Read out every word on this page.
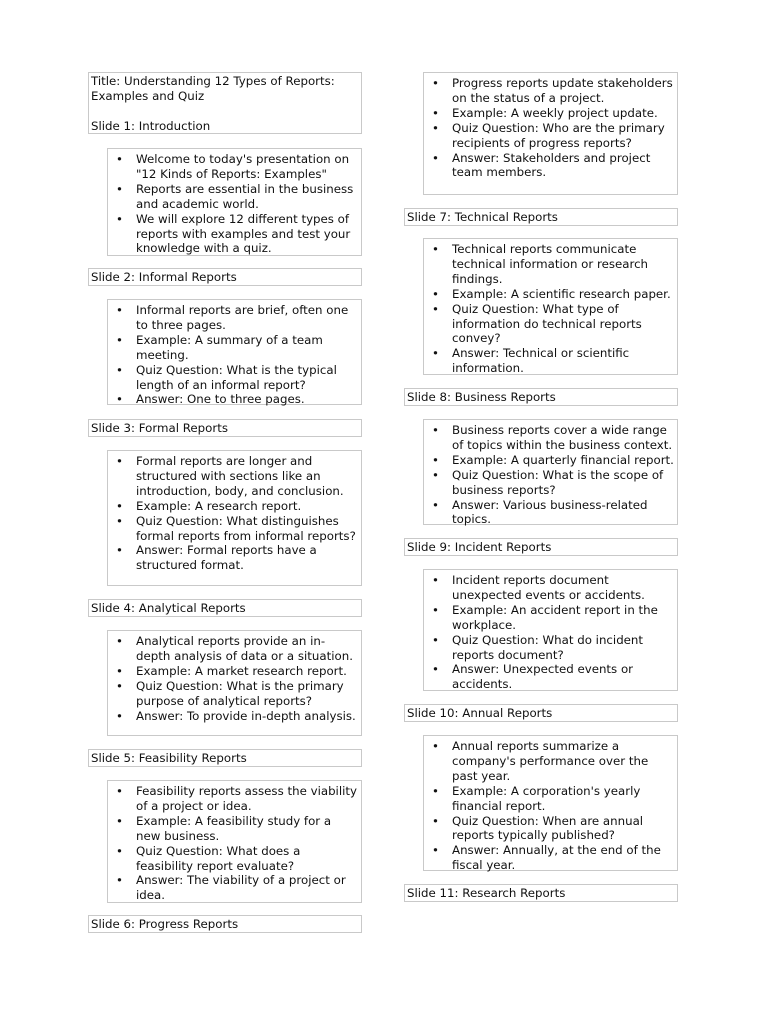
Title: Understanding 12 Types of Reports: Examples and Quiz

Slide 1: Introduction

• Welcome to today's presentation on "12 Kinds of Reports: Examples"
• Reports are essential in the business and academic world.
• We will explore 12 different types of reports with examples and test your knowledge with a quiz.
Slide 2: Informal Reports
• Informal reports are brief, often one to three pages.
• Example: A summary of a team meeting.
• Quiz Question: What is the typical length of an informal report?
• Answer: One to three pages.
Slide 3: Formal Reports
• Formal reports are longer and structured with sections like an introduction, body, and conclusion.
• Example: A research report.
• Quiz Question: What distinguishes formal reports from informal reports?
• Answer: Formal reports have a structured format.
Slide 4: Analytical Reports
• Analytical reports provide an in-depth analysis of data or a situation.
• Example: A market research report.
• Quiz Question: What is the primary purpose of analytical reports?
• Answer: To provide in-depth analysis.
Slide 5: Feasibility Reports
• Feasibility reports assess the viability of a project or idea.
• Example: A feasibility study for a new business.
• Quiz Question: What does a feasibility report evaluate?
• Answer: The viability of a project or idea.
Slide 6: Progress Reports
• Progress reports update stakeholders on the status of a project.
• Example: A weekly project update.
• Quiz Question: Who are the primary recipients of progress reports?
• Answer: Stakeholders and project team members.
Slide 7: Technical Reports
• Technical reports communicate technical information or research findings.
• Example: A scientific research paper.
• Quiz Question: What type of information do technical reports convey?
• Answer: Technical or scientific information.
Slide 8: Business Reports
• Business reports cover a wide range of topics within the business context.
• Example: A quarterly financial report.
• Quiz Question: What is the scope of business reports?
• Answer: Various business-related topics.
Slide 9: Incident Reports
• Incident reports document unexpected events or accidents.
• Example: An accident report in the workplace.
• Quiz Question: What do incident reports document?
• Answer: Unexpected events or accidents.
Slide 10: Annual Reports
• Annual reports summarize a company's performance over the past year.
• Example: A corporation's yearly financial report.
• Quiz Question: When are annual reports typically published?
• Answer: Annually, at the end of the fiscal year.
Slide 11: Research Reports
